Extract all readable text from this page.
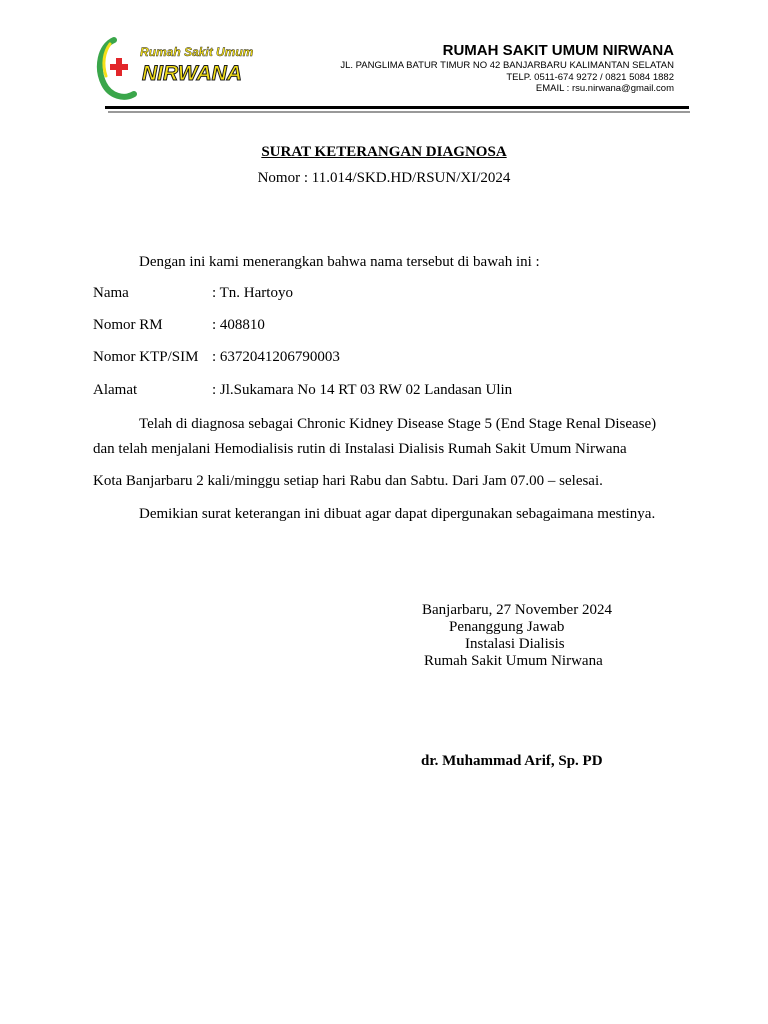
Rumah Sakit Umum
NIRWANA
RUMAH SAKIT UMUM NIRWANA
JL. PANGLIMA BATUR TIMUR NO 42 BANJARBARU KALIMANTAN SELATAN
TELP. 0511-674 9272 / 0821 5084 1882
EMAIL : rsu.nirwana@gmail.com
SURAT KETERANGAN DIAGNOSA
Nomor : 11.014/SKD.HD/RSUN/XI/2024
Dengan ini kami menerangkan bahwa nama tersebut di bawah ini :
Nama	: Tn. Hartoyo
Nomor RM	: 408810
Nomor KTP/SIM : 6372041206790003
Alamat	: Jl.Sukamara No 14 RT 03 RW 02 Landasan Ulin
Telah di diagnosa sebagai Chronic Kidney Disease Stage 5 (End Stage Renal Disease)
dan telah menjalani Hemodialisis rutin di Instalasi Dialisis Rumah Sakit Umum Nirwana
Kota Banjarbaru 2 kali/minggu setiap hari Rabu dan Sabtu. Dari Jam 07.00 – selesai.
Demikian surat keterangan ini dibuat agar dapat dipergunakan sebagaimana mestinya.
Banjarbaru, 27 November 2024
Penanggung Jawab
Instalasi Dialisis
Rumah Sakit Umum Nirwana
dr. Muhammad Arif, Sp. PD
